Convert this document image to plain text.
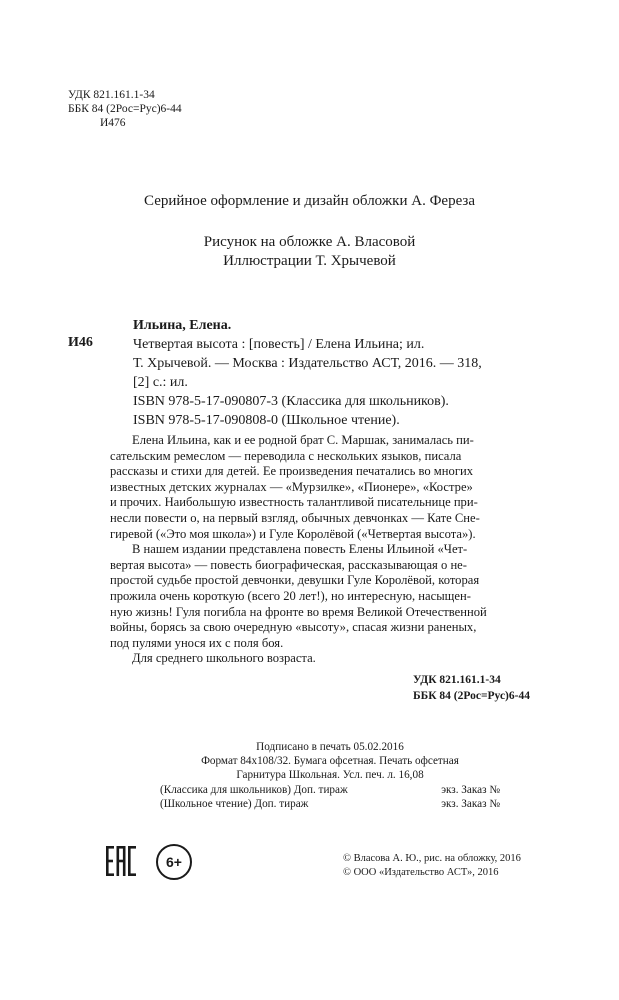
УДК 821.161.1-34
ББК 84 (2Рос=Рус)6-44
И476
Серийное оформление и дизайн обложки А. Фереза
Рисунок на обложке А. Власовой
Иллюстрации Т. Хрычевой
Ильина, Елена.
И46	Четвертая высота : [повесть] / Елена Ильина; ил.
Т. Хрычевой. — Москва : Издательство АСТ, 2016. — 318,
[2] с.: ил.
ISBN 978-5-17-090807-3 (Классика для школьников).
ISBN 978-5-17-090808-0 (Школьное чтение).
Елена Ильина, как и ее родной брат С. Маршак, занималась пи-
сательским ремеслом — переводила с нескольких языков, писала
рассказы и стихи для детей. Ее произведения печатались во многих
известных детских журналах — «Мурзилке», «Пионере», «Костре»
и прочих. Наибольшую известность талантливой писательнице при-
несли повести о, на первый взгляд, обычных девчонках — Кате Сне-
гиревой («Это моя школа») и Гуле Королёвой («Четвертая высота»).
В нашем издании представлена повесть Елены Ильиной «Чет-
вертая высота» — повесть биографическая, рассказывающая о не-
простой судьбе простой девчонки, девушки Гуле Королёвой, которая
прожила очень короткую (всего 20 лет!), но интересную, насыщен-
ную жизнь! Гуля погибла на фронте во время Великой Отечественной
войны, борясь за свою очередную «высоту», спасая жизни раненых,
под пулями унося их с поля боя.
Для среднего школьного возраста.
УДК 821.161.1-34
ББК 84 (2Рос=Рус)6-44
Подписано в печать 05.02.2016
Формат 84x108/32. Бумага офсетная. Печать офсетная
Гарнитура Школьная. Усл. печ. л. 16,08
(Классика для школьников) Доп. тираж	экз. Заказ №
(Школьное чтение) Доп. тираж	экз. Заказ №
6+	© Власова А. Ю., рис. на обложку, 2016
© ООО «Издательство АСТ», 2016
